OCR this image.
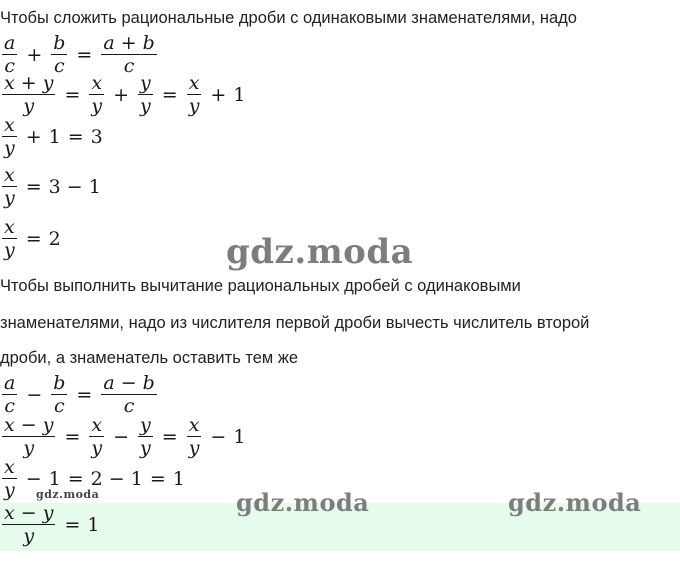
Чтобы сложить рациональные дроби с одинаковыми знаменателями, надо
$\frac{a}{c} + \frac{b}{c} = \frac{a + b}{c}$
$\frac{x + y}{y} = \frac{x}{y} + \frac{y}{y} = \frac{x}{y} + 1$
$\frac{x}{y} + 1 = 3$
$\frac{x}{y} = 3 - 1$
$\frac{x}{y} = 2$	gdz.moda
Чтобы выполнить вычитание рациональных дробей с одинаковыми
знаменателями, надо из числителя первой дроби вычесть числитель второй
дроби, а знаменатель оставить тем же
$\frac{a}{c} - \frac{b}{c} = \frac{a - b}{c}$
$\frac{x - y}{y} = \frac{x}{y} - \frac{y}{y} = \frac{x}{y} - 1$
$\frac{x}{y} - 1 = 2 - 1 = 1$
gdz.moda	gdz.moda	gdz.moda
$\frac{x - y}{y} = 1$
